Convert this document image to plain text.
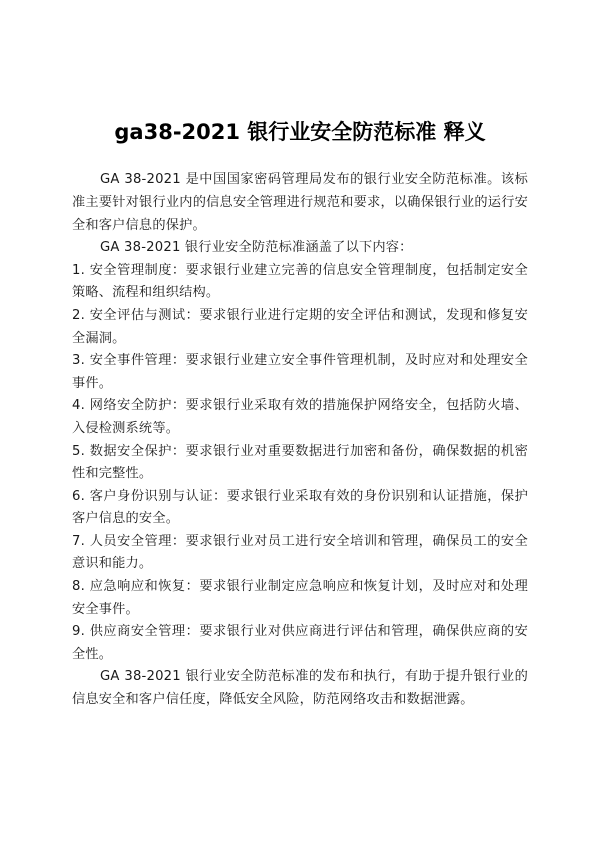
ga38-2021 银行业安全防范标准 释义

GA 38-2021 是中国国家密码管理局发布的银行业安全防范标准。该标准主要针对银行业内的信息安全管理进行规范和要求，以确保银行业的运行安全和客户信息的保护。

GA 38-2021 银行业安全防范标准涵盖了以下内容：

1. 安全管理制度：要求银行业建立完善的信息安全管理制度，包括制定安全策略、流程和组织结构。

2. 安全评估与测试：要求银行业进行定期的安全评估和测试，发现和修复安全漏洞。

3. 安全事件管理：要求银行业建立安全事件管理机制，及时应对和处理安全事件。

4. 网络安全防护：要求银行业采取有效的措施保护网络安全，包括防火墙、入侵检测系统等。

5. 数据安全保护：要求银行业对重要数据进行加密和备份，确保数据的机密性和完整性。

6. 客户身份识别与认证：要求银行业采取有效的身份识别和认证措施，保护客户信息的安全。

7. 人员安全管理：要求银行业对员工进行安全培训和管理，确保员工的安全意识和能力。

8. 应急响应和恢复：要求银行业制定应急响应和恢复计划，及时应对和处理安全事件。

9. 供应商安全管理：要求银行业对供应商进行评估和管理，确保供应商的安全性。

GA 38-2021 银行业安全防范标准的发布和执行，有助于提升银行业的信息安全和客户信任度，降低安全风险，防范网络攻击和数据泄露。
